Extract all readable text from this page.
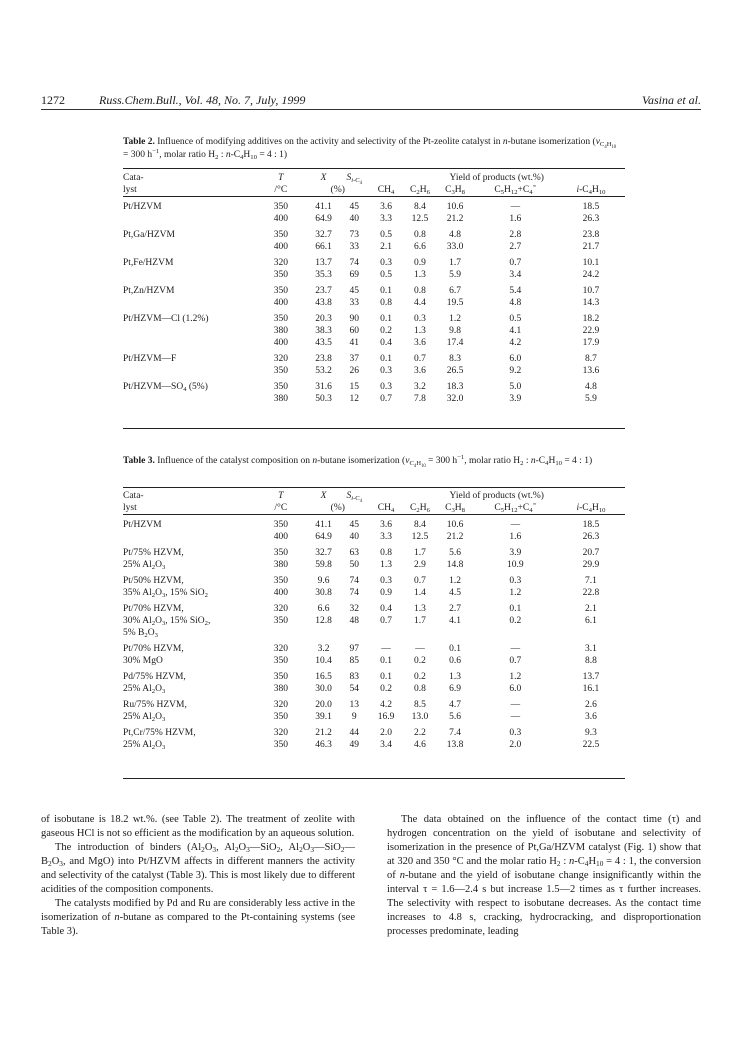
1272	Russ.Chem.Bull., Vol. 48, No. 7, July, 1999	Vasina et al.
Table 2. Influence of modifying additives on the activity and selectivity of the Pt-zeolite catalyst in n-butane isomerization ($v_{C_4H_{10}} = 300$ $h^{-1}$, molar ratio $H_2$ : $n-C_4H_{10} = 4$ : 1)
Cata-	T	X	$S_{i-C_4}$	Yield of products (wt.%)				
lyst	/°C	(%)		$CH_4$	$C_2H_6$	$C_3H_8$	$C_5H_{12}+C_4^=$	$i-C_4H_{10}$

Pt/HZVM	350	41.1	45	3.6	8.4	10.6	—	18.5
	400	64.9	40	3.3	12.5	21.2	1.6	26.3
Pt,Ga/HZVM	350	32.7	73	0.5	0.8	4.8	2.8	23.8
	400	66.1	33	2.1	6.6	33.0	2.7	21.7
Pt,Fe/HZVM	320	13.7	74	0.3	0.9	1.7	0.7	10.1
	350	35.3	69	0.5	1.3	5.9	3.4	24.2
Pt,Zn/HZVM	350	23.7	45	0.1	0.8	6.7	5.4	10.7
	400	43.8	33	0.8	4.4	19.5	4.8	14.3
Pt/HZVM—Cl (1.2%)	350	20.3	90	0.1	0.3	1.2	0.5	18.2
	380	38.3	60	0.2	1.3	9.8	4.1	22.9
	400	43.5	41	0.4	3.6	17.4	4.2	17.9
Pt/HZVM—F	320	23.8	37	0.1	0.7	8.3	6.0	8.7
	350	53.2	26	0.3	3.6	26.5	9.2	13.6
$Pt/HZVM—SO_4$ (5%)	350	31.6	15	0.3	3.2	18.3	5.0	4.8
	380	50.3	12	0.7	7.8	32.0	3.9	5.9
Table 3. Influence of the catalyst composition on n-butane isomerization ($v_{C_4H_{10}} = 300$ $h^{-1}$, molar ratio $H_2$ : $n-C_4H_{10} = 4$ : 1)
Cata-	T	X	$S_{i-C_4}$	Yield of products (wt.%)				
lyst	/°C	(%)		$CH_4$	$C_2H_6$	$C_3H_8$	$C_5H_{12}+C_4^=$	$i-C_4H_{10}$

Pt/HZVM	350	41.1	45	3.6	8.4	10.6	—	18.5
	400	64.9	40	3.3	12.5	21.2	1.6	26.3
Pt/75% HZVM,	350	32.7	63	0.8	1.7	5.6	3.9	20.7
25% $Al_2O_3$	380	59.8	50	1.3	2.9	14.8	10.9	29.9
Pt/50% HZVM,	350	9.6	74	0.3	0.7	1.2	0.3	7.1
35% $Al_2O_3$, 15% SiO$_2$	400	30.8	74	0.9	1.4	4.5	1.2	22.8
Pt/70% HZVM,	320	6.6	32	0.4	1.3	2.7	0.1	2.1
30% $Al_2O_3$, 15% SiO$_2$,	350	12.8	48	0.7	1.7	4.1	0.2	6.1
5% $B_2O_3$								
Pt/70% HZVM,	320	3.2	97	—	—	0.1	—	3.1
30% MgO	350	10.4	85	0.1	0.2	0.6	0.7	8.8
Pd/75% HZVM,	350	16.5	83	0.1	0.2	1.3	1.2	13.7
25% $Al_2O_3$	380	30.0	54	0.2	0.8	6.9	6.0	16.1
Ru/75% HZVM,	320	20.0	13	4.2	8.5	4.7	—	2.6
25% $Al_2O_3$	350	39.1	9	16.9	13.0	5.6	—	3.6
Pt,Cr/75% HZVM,	320	21.2	44	2.0	2.2	7.4	0.3	9.3
25% $Al_2O_3$	350	46.3	49	3.4	4.6	13.8	2.0	22.5

of isobutane is 18.2 wt.%. (see Table 2). The treatment of zeolite with gaseous HCl is not so efficient as the modification by an aqueous solution.

The introduction of binders ($Al_2O_3$, $Al_2O_3—SiO_2$, $Al_2O_3—SiO_2—B_2O_3$, and MgO) into Pt/HZVM affects in different manners the activity and selectivity of the catalyst (Table 3). This is most likely due to different acidities of the composition components.

The catalysts modified by Pd and Ru are considerably less active in the isomerization of n-butane as compared to the Pt-containing systems (see Table 3).

The data obtained on the influence of the contact time (τ) and hydrogen concentration on the yield of isobutane and selectivity of isomerization in the presence of Pt,Ga/HZVM catalyst (Fig. 1) show that at 320 and 350 °C and the molar ratio $H_2$ : $n-C_4H_{10} = 4$ : 1, the conversion of n-butane and the yield of isobutane change insignificantly within the interval τ = 1.6—2.4 s but increase 1.5—2 times as τ further increases. The selectivity with respect to isobutane decreases. As the contact time increases to 4.8 s, cracking, hydrocracking, and disproportionation processes predominate, leading
